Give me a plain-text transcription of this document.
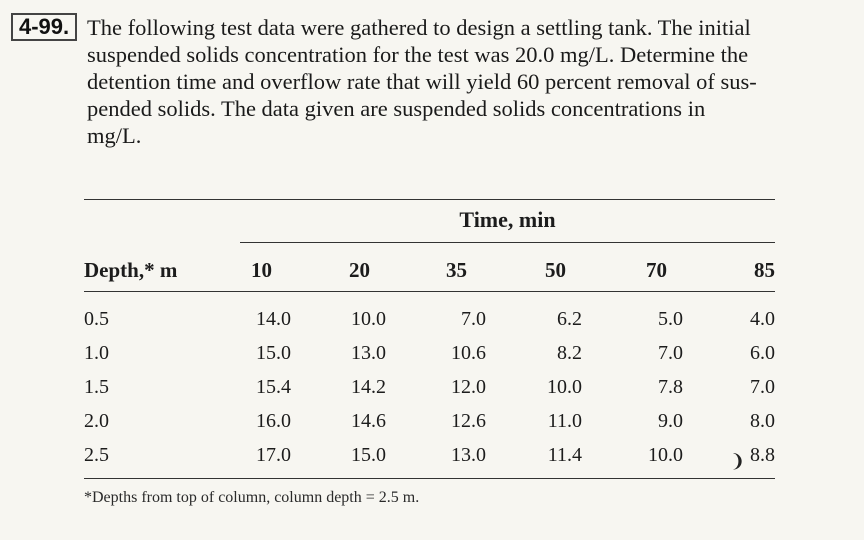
4-99. The following test data were gathered to design a settling tank. The initial
suspended solids concentration for the test was 20.0 mg/L. Determine the
detention time and overflow rate that will yield 60 percent removal of sus-
pended solids. The data given are suspended solids concentrations in
mg/L.
Time, min
Depth,* m	10	20	35	50	70	85
0.5	14.0	10.0	7.0	6.2	5.0	4.0
1.0	15.0	13.0	10.6	8.2	7.0	6.0
1.5	15.4	14.2	12.0	10.0	7.8	7.0
2.0	16.0	14.6	12.6	11.0	9.0	8.0
2.5	17.0	15.0	13.0	11.4	10.0	8.8
❩
*Depths from top of column, column depth = 2.5 m.
